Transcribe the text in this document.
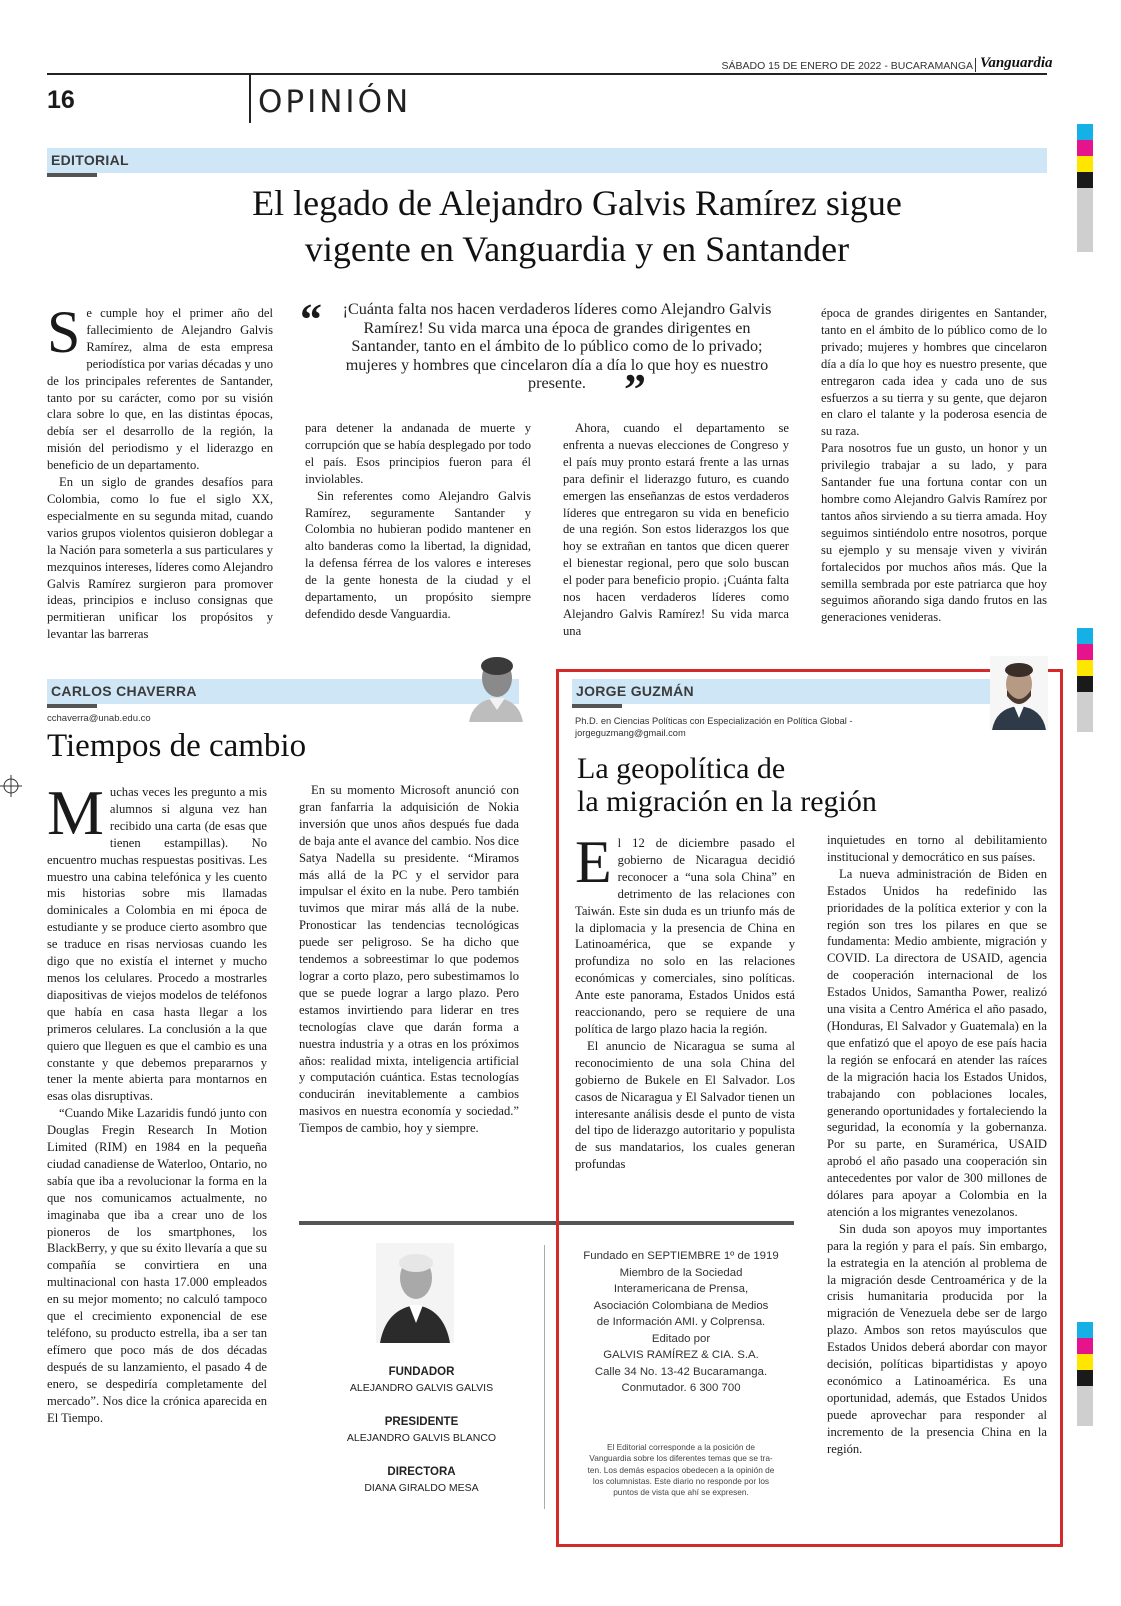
SÁBADO 15 DE ENERO DE 2022 - BUCARAMANGA Vanguardia
16	OPINIÓN
EDITORIAL
El legado de Alejandro Galvis Ramírez sigue
vigente en Vanguardia y en Santander

Se cumple hoy el primer año del fallecimiento de Alejandro Galvis Ramírez, alma de esta empresa periodística por varias décadas y uno de los principales referentes de Santander, tanto por su carácter, como por su visión clara sobre lo que, en las distintas épocas, debía ser el desarrollo de la región, la misión del periodismo y el liderazgo en beneficio de un departamento.

En un siglo de grandes desafíos para Colombia, como lo fue el siglo XX, especialmente en su segunda mitad, cuando varios grupos violentos quisieron doblegar a la Nación para someterla a sus particulares y mezquinos intereses, líderes como Alejandro Galvis Ramírez surgieron para promover ideas, principios e incluso consignas que permitieran unificar los propósitos y levantar las barreras

“	¡Cuánta falta nos hacen verdaderos líderes como Alejandro Galvis Ramírez! Su vida marca una época de grandes dirigentes en Santander, tanto en el ámbito de lo público como de lo privado; mujeres y hombres que cincelaron día a día lo que hoy es nuestro presente. ”

para detener la andanada de muerte y corrupción que se había desplegado por todo el país. Esos principios fueron para él inviolables.

Sin referentes como Alejandro Galvis Ramírez, seguramente Santander y Colombia no hubieran podido mantener en alto banderas como la libertad, la dignidad, la defensa férrea de los valores e intereses de la gente honesta de la ciudad y el departamento, un propósito siempre defendido desde Vanguardia.

Ahora, cuando el departamento se enfrenta a nuevas elecciones de Congreso y el país muy pronto estará frente a las urnas para definir el liderazgo futuro, es cuando emergen las enseñanzas de estos verdaderos líderes que entregaron su vida en beneficio de una región. Son estos liderazgos los que hoy se extrañan en tantos que dicen querer el bienestar regional, pero que solo buscan el poder para beneficio propio. ¡Cuánta falta nos hacen verdaderos líderes como Alejandro Galvis Ramírez! Su vida marca una

época de grandes dirigentes en Santander, tanto en el ámbito de lo público como de lo privado; mujeres y hombres que cincelaron día a día lo que hoy es nuestro presente, que entregaron cada idea y cada uno de sus esfuerzos a su tierra y su gente, que dejaron en claro el talante y la poderosa esencia de su raza.

Para nosotros fue un gusto, un honor y un privilegio trabajar a su lado, y para Santander fue una fortuna contar con un hombre como Alejandro Galvis Ramírez por tantos años sirviendo a su tierra amada. Hoy seguimos sintiéndolo entre nosotros, porque su ejemplo y su mensaje viven y vivirán fortalecidos por muchos años más. Que la semilla sembrada por este patriarca que hoy seguimos añorando siga dando frutos en las generaciones venideras.

CARLOS CHAVERRA
cchaverra@unab.edu.co
Tiempos de cambio

Muchas veces les pregunto a mis alumnos si alguna vez han recibido una carta (de esas que tienen estampillas). No encuentro muchas respuestas positivas. Les muestro una cabina telefónica y les cuento mis historias sobre mis llamadas dominicales a Colombia en mi época de estudiante y se produce cierto asombro que se traduce en risas nerviosas cuando les digo que no existía el internet y mucho menos los celulares. Procedo a mostrarles diapositivas de viejos modelos de teléfonos que había en casa hasta llegar a los primeros celulares. La conclusión a la que quiero que lleguen es que el cambio es una constante y que debemos prepararnos y tener la mente abierta para montarnos en esas olas disruptivas.

“Cuando Mike Lazaridis fundó junto con Douglas Fregin Research In Motion Limited (RIM) en 1984 en la pequeña ciudad canadiense de Waterloo, Ontario, no sabía que iba a revolucionar la forma en la que nos comunicamos actualmente, no imaginaba que iba a crear uno de los pioneros de los smartphones, los BlackBerry, y que su éxito llevaría a que su compañía se convirtiera en una multinacional con hasta 17.000 empleados en su mejor momento; no calculó tampoco que el crecimiento exponencial de ese teléfono, su producto estrella, iba a ser tan efímero que poco más de dos décadas después de su lanzamiento, el pasado 4 de enero, se despediría completamente del mercado”. Nos dice la crónica aparecida en El Tiempo.

En su momento Microsoft anunció con gran fanfarria la adquisición de Nokia inversión que unos años después fue dada de baja ante el avance del cambio. Nos dice Satya Nadella su presidente. “Miramos más allá de la PC y el servidor para impulsar el éxito en la nube. Pero también tuvimos que mirar más allá de la nube. Pronosticar las tendencias tecnológicas puede ser peligroso. Se ha dicho que tendemos a sobreestimar lo que podemos lograr a corto plazo, pero subestimamos lo que se puede lograr a largo plazo. Pero estamos invirtiendo para liderar en tres tecnologías clave que darán forma a nuestra industria y a otras en los próximos años: realidad mixta, inteligencia artificial y computación cuántica. Estas tecnologías conducirán inevitablemente a cambios masivos en nuestra economía y sociedad.” Tiempos de cambio, hoy y siempre.

FUNDADOR
ALEJANDRO GALVIS GALVIS
PRESIDENTE
ALEJANDRO GALVIS BLANCO
DIRECTORA
DIANA GIRALDO MESA
Fundado en SEPTIEMBRE 1º de 1919
Miembro de la Sociedad
Interamericana de Prensa,
Asociación Colombiana de Medios
de Información AMI. y Colprensa.
Editado por
GALVIS RAMÍREZ & CIA. S.A.
Calle 34 No. 13-42 Bucaramanga.
Conmutador. 6 300 700
El Editorial corresponde a la posición de
Vanguardia sobre los diferentes temas que se tra-
ten. Los demás espacios obedecen a la opinión de
los columnistas. Este diario no responde por los
puntos de vista que ahí se expresen.
JORGE GUZMÁN
Ph.D. en Ciencias Políticas con Especialización en Política Global - jorgeguzmang@gmail.com
La geopolítica de
la migración en la región

El 12 de diciembre pasado el gobierno de Nicaragua decidió reconocer a “una sola China” en detrimento de las relaciones con Taiwán. Este sin duda es un triunfo más de la diplomacia y la presencia de China en Latinoamérica, que se expande y profundiza no solo en las relaciones económicas y comerciales, sino políticas. Ante este panorama, Estados Unidos está reaccionando, pero se requiere de una política de largo plazo hacia la región.

El anuncio de Nicaragua se suma al reconocimiento de una sola China del gobierno de Bukele en El Salvador. Los casos de Nicaragua y El Salvador tienen un interesante análisis desde el punto de vista del tipo de liderazgo autoritario y populista de sus mandatarios, los cuales generan profundas

inquietudes en torno al debilitamiento institucional y democrático en sus países.

La nueva administración de Biden en Estados Unidos ha redefinido las prioridades de la política exterior y con la región son tres los pilares en que se fundamenta: Medio ambiente, migración y COVID. La directora de USAID, agencia de cooperación internacional de los Estados Unidos, Samantha Power, realizó una visita a Centro América el año pasado, (Honduras, El Salvador y Guatemala) en la que enfatizó que el apoyo de ese país hacia la región se enfocará en atender las raíces de la migración hacia los Estados Unidos, trabajando con poblaciones locales, generando oportunidades y fortaleciendo la seguridad, la economía y la gobernanza. Por su parte, en Suramérica, USAID aprobó el año pasado una cooperación sin antecedentes por valor de 300 millones de dólares para apoyar a Colombia en la atención a los migrantes venezolanos.

Sin duda son apoyos muy importantes para la región y para el país. Sin embargo, la estrategia en la atención al problema de la migración desde Centroamérica y de la crisis humanitaria producida por la migración de Venezuela debe ser de largo plazo. Ambos son retos mayúsculos que Estados Unidos deberá abordar con mayor decisión, políticas bipartidistas y apoyo económico a Latinoamérica. Es una oportunidad, además, que Estados Unidos puede aprovechar para responder al incremento de la presencia China en la región.
